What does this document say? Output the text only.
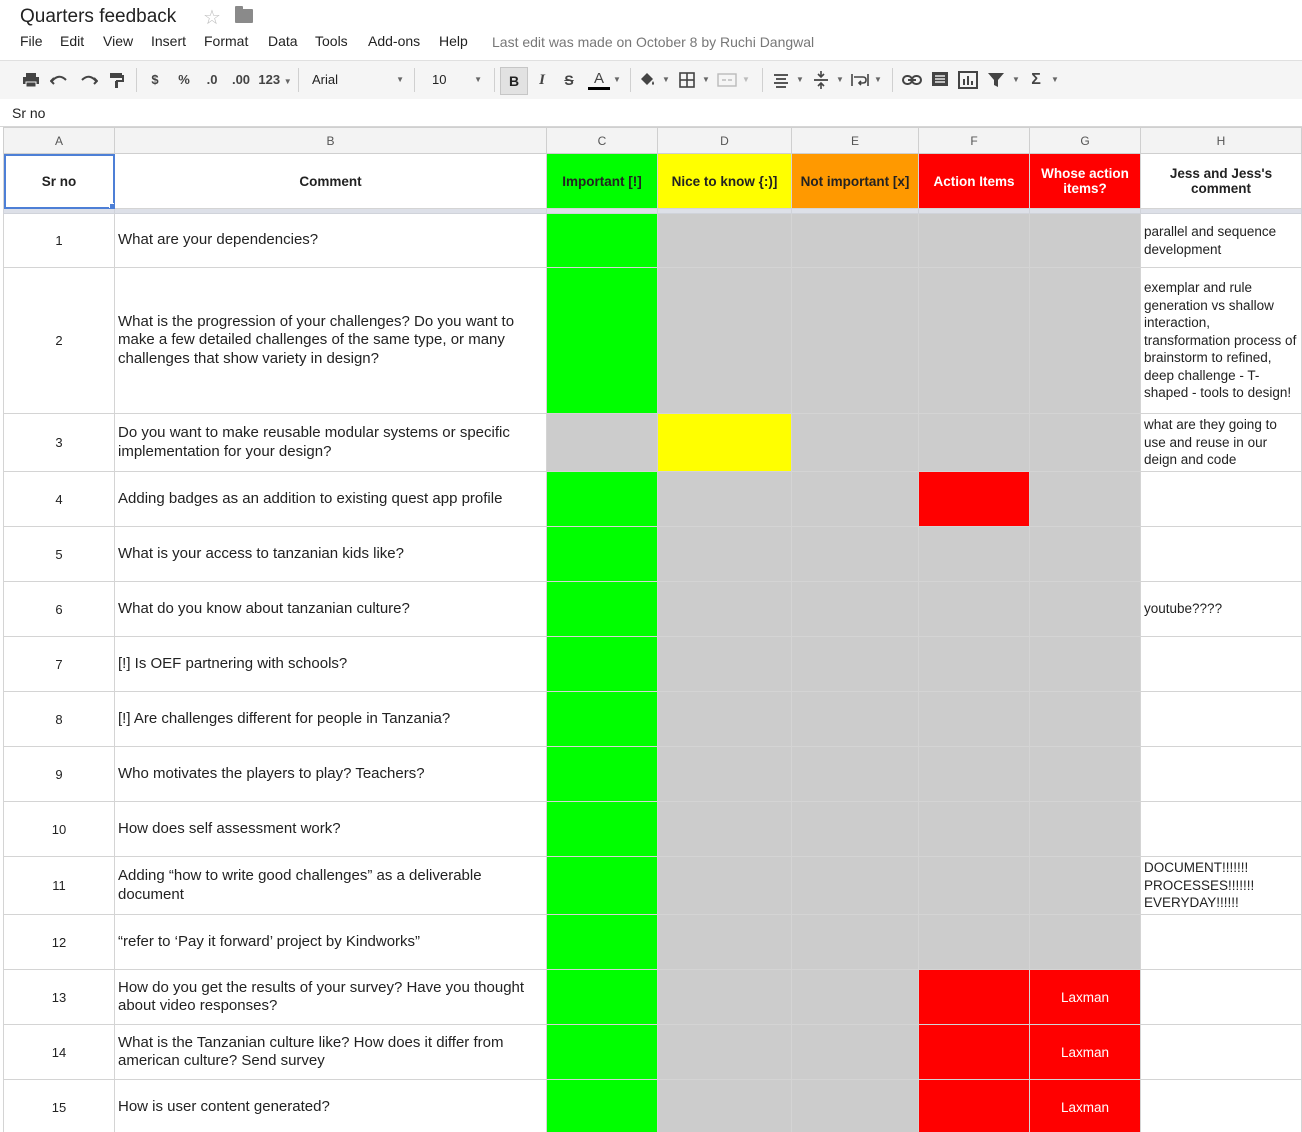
Quarters feedback ☆
File Edit View Insert Format Data Tools Add-ons Help Last edit was made on October 8 by Ruchi Dangwal
$ %	.0	.00 123 ▼	Arial	▼	10	▼	B	I S	A	▼	▼	▼	▼	▼	▼	▼	▼ Σ ▼
Sr no
A	B	C	D	E	F	G	H
Sr no	Comment	Important [!]	Nice to know {:)]	Not important [x]	Action Items	Whose action items?	Jess and Jess's comment

1	What are your dependencies?						parallel and sequence development
2	What is the progression of your challenges? Do you want to make a few detailed challenges of the same type, or many challenges that show variety in design?						exemplar and rule generation vs shallow interaction, transformation process of brainstorm to refined, deep challenge - T-shaped - tools to design!
3	Do you want to make reusable modular systems or specific implementation for your design?						what are they going to use and reuse in our deign and code
4	Adding badges as an addition to existing quest app profile						
5	What is your access to tanzanian kids like?						
6	What do you know about tanzanian culture?						youtube????
7	[!] Is OEF partnering with schools?						
8	[!] Are challenges different for people in Tanzania?						
9	Who motivates the players to play? Teachers?						
10	How does self assessment work?						
11	Adding “how to write good challenges” as a deliverable document						DOCUMENT!!!!!!! PROCESSES!!!!!!! EVERYDAY!!!!!!
12	“refer to ‘Pay it forward’ project by Kindworks”						
13	How do you get the results of your survey? Have you thought about video responses?					Laxman	
14	What is the Tanzanian culture like? How does it differ from american culture? Send survey					Laxman	
15	How is user content generated?					Laxman	
